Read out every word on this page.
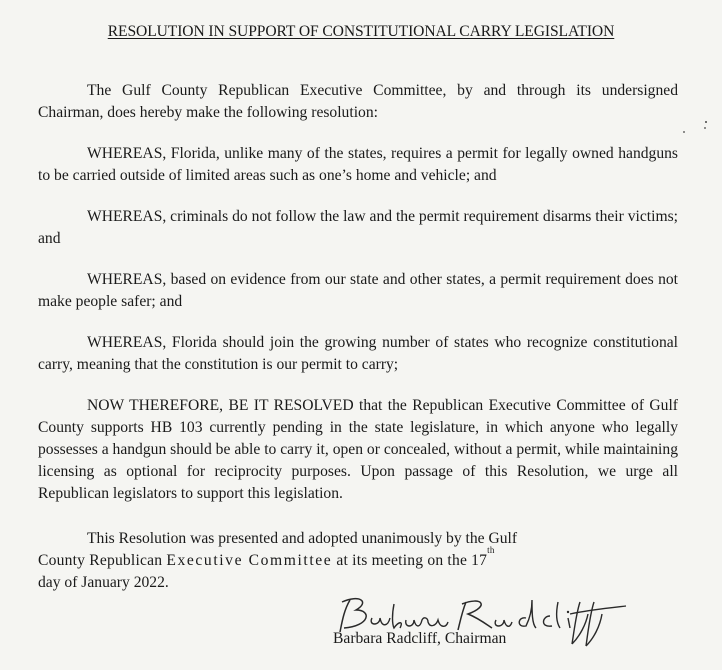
RESOLUTION IN SUPPORT OF CONSTITUTIONAL CARRY LEGISLATION

The Gulf County Republican Executive Committee, by and through its undersigned Chairman, does hereby make the following resolution:

WHEREAS, Florida, unlike many of the states, requires a permit for legally owned handguns to be carried outside of limited areas such as one’s home and vehicle; and

WHEREAS, criminals do not follow the law and the permit requirement disarms their victims; and

WHEREAS, based on evidence from our state and other states, a permit requirement does not make people safer; and

WHEREAS, Florida should join the growing number of states who recognize constitutional carry, meaning that the constitution is our permit to carry;

NOW THEREFORE, BE IT RESOLVED that the Republican Executive Committee of Gulf County supports HB 103 currently pending in the state legislature, in which anyone who legally possesses a handgun should be able to carry it, open or concealed, without a permit, while maintaining licensing as optional for reciprocity purposes. Upon passage of this Resolution, we urge all Republican legislators to support this legislation.

This Resolution was presented and adopted unanimously by the Gulf
County Republican Executive Committee at its meeting on the 17th
day of January 2022.

Barbara Radcliff, Chairman
